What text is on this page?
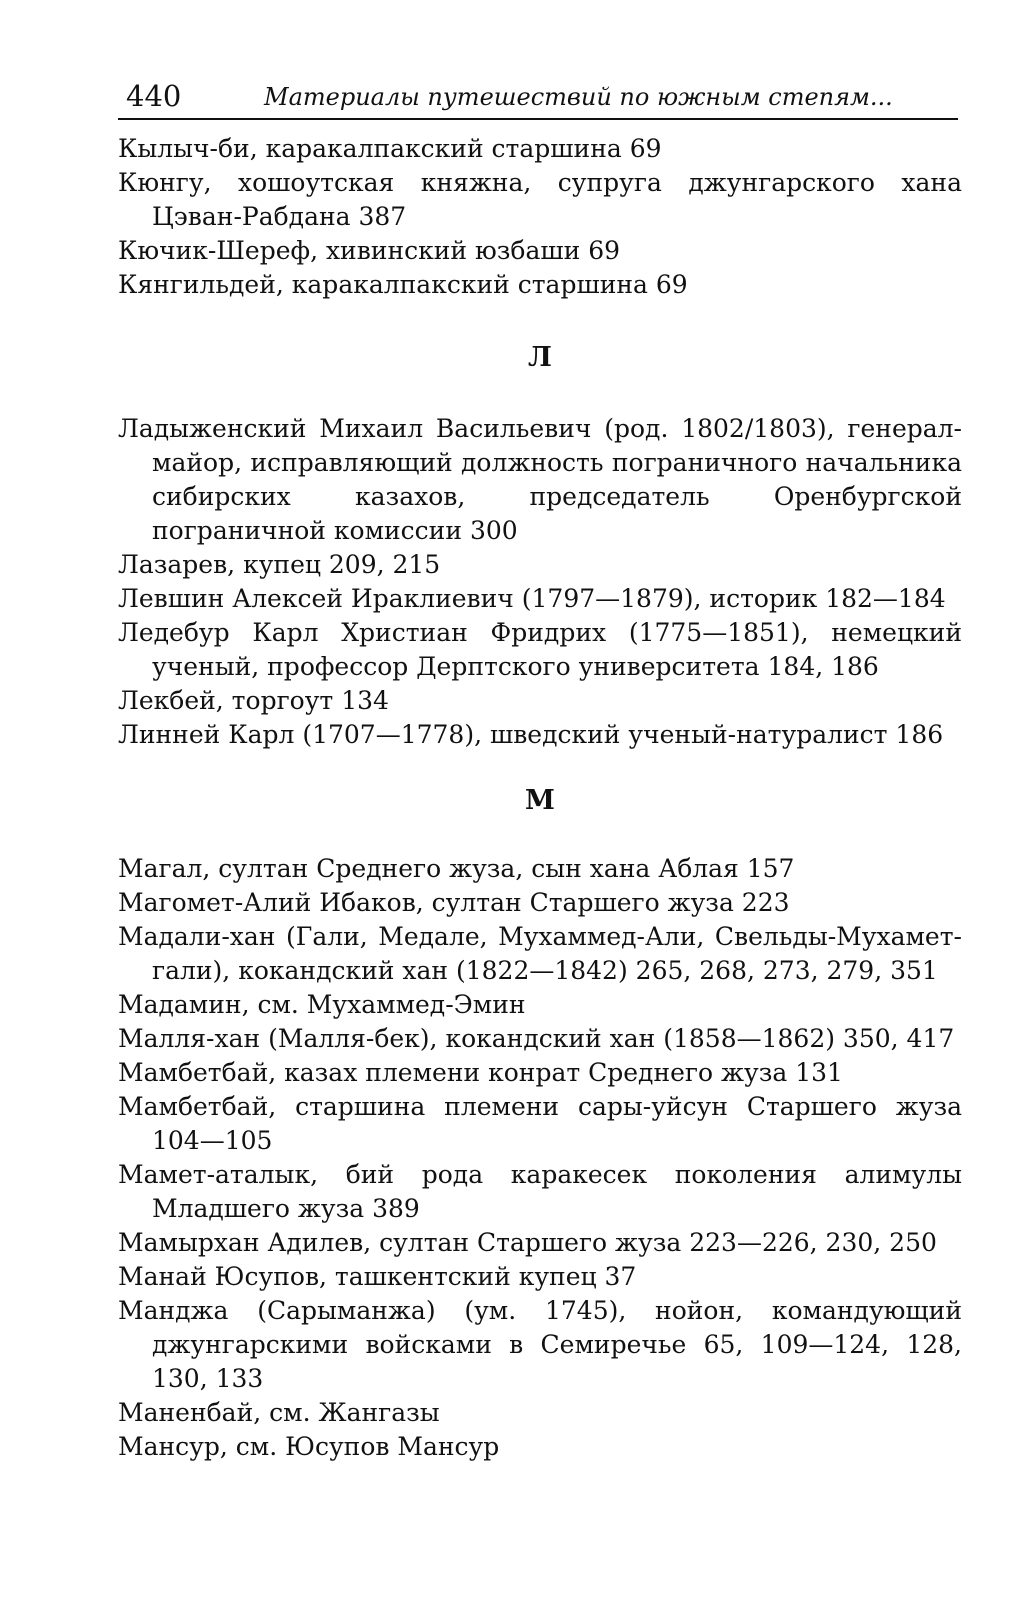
440	Материалы путешествий по южным степям...

Кылыч-би, каракалпакский старшина 69

Кюнгу, хошоутская княжна, супруга джунгарского хана Цэван-Рабдана 387

Кючик-Шереф, хивинский юзбаши 69

Кянгильдей, каракалпакский старшина 69

Л

Ладыженский Михаил Васильевич (род. 1802/1803), генерал-майор, исправляющий должность пограничного начальника сибирских казахов, председатель Оренбургской пограничной комиссии 300

Лазарев, купец 209, 215

Левшин Алексей Ираклиевич (1797—1879), историк 182—184

Ледебур Карл Христиан Фридрих (1775—1851), немецкий ученый, профессор Дерптского университета 184, 186

Лекбей, торгоут 134

Линней Карл (1707—1778), шведский ученый-натуралист 186

М

Магал, султан Среднего жуза, сын хана Аблая 157

Магомет-Алий Ибаков, султан Старшего жуза 223

Мадали-хан (Гали, Медале, Мухаммед-Али, Свельды-Мухамет-гали), кокандский хан (1822—1842) 265, 268, 273, 279, 351

Мадамин, см. Мухаммед-Эмин

Малля-хан (Малля-бек), кокандский хан (1858—1862) 350, 417

Мамбетбай, казах племени конрат Среднего жуза 131

Мамбетбай, старшина племени сары-уйсун Старшего жуза 104—105

Мамет-аталык, бий рода каракесек поколения алимулы Младшего жуза 389

Мамырхан Адилев, султан Старшего жуза 223—226, 230, 250

Манай Юсупов, ташкентский купец 37

Манджа (Сарыманжа) (ум. 1745), нойон, командующий джунгарскими войсками в Семиречье 65, 109—124, 128, 130, 133

Маненбай, см. Жангазы

Мансур, см. Юсупов Мансур
